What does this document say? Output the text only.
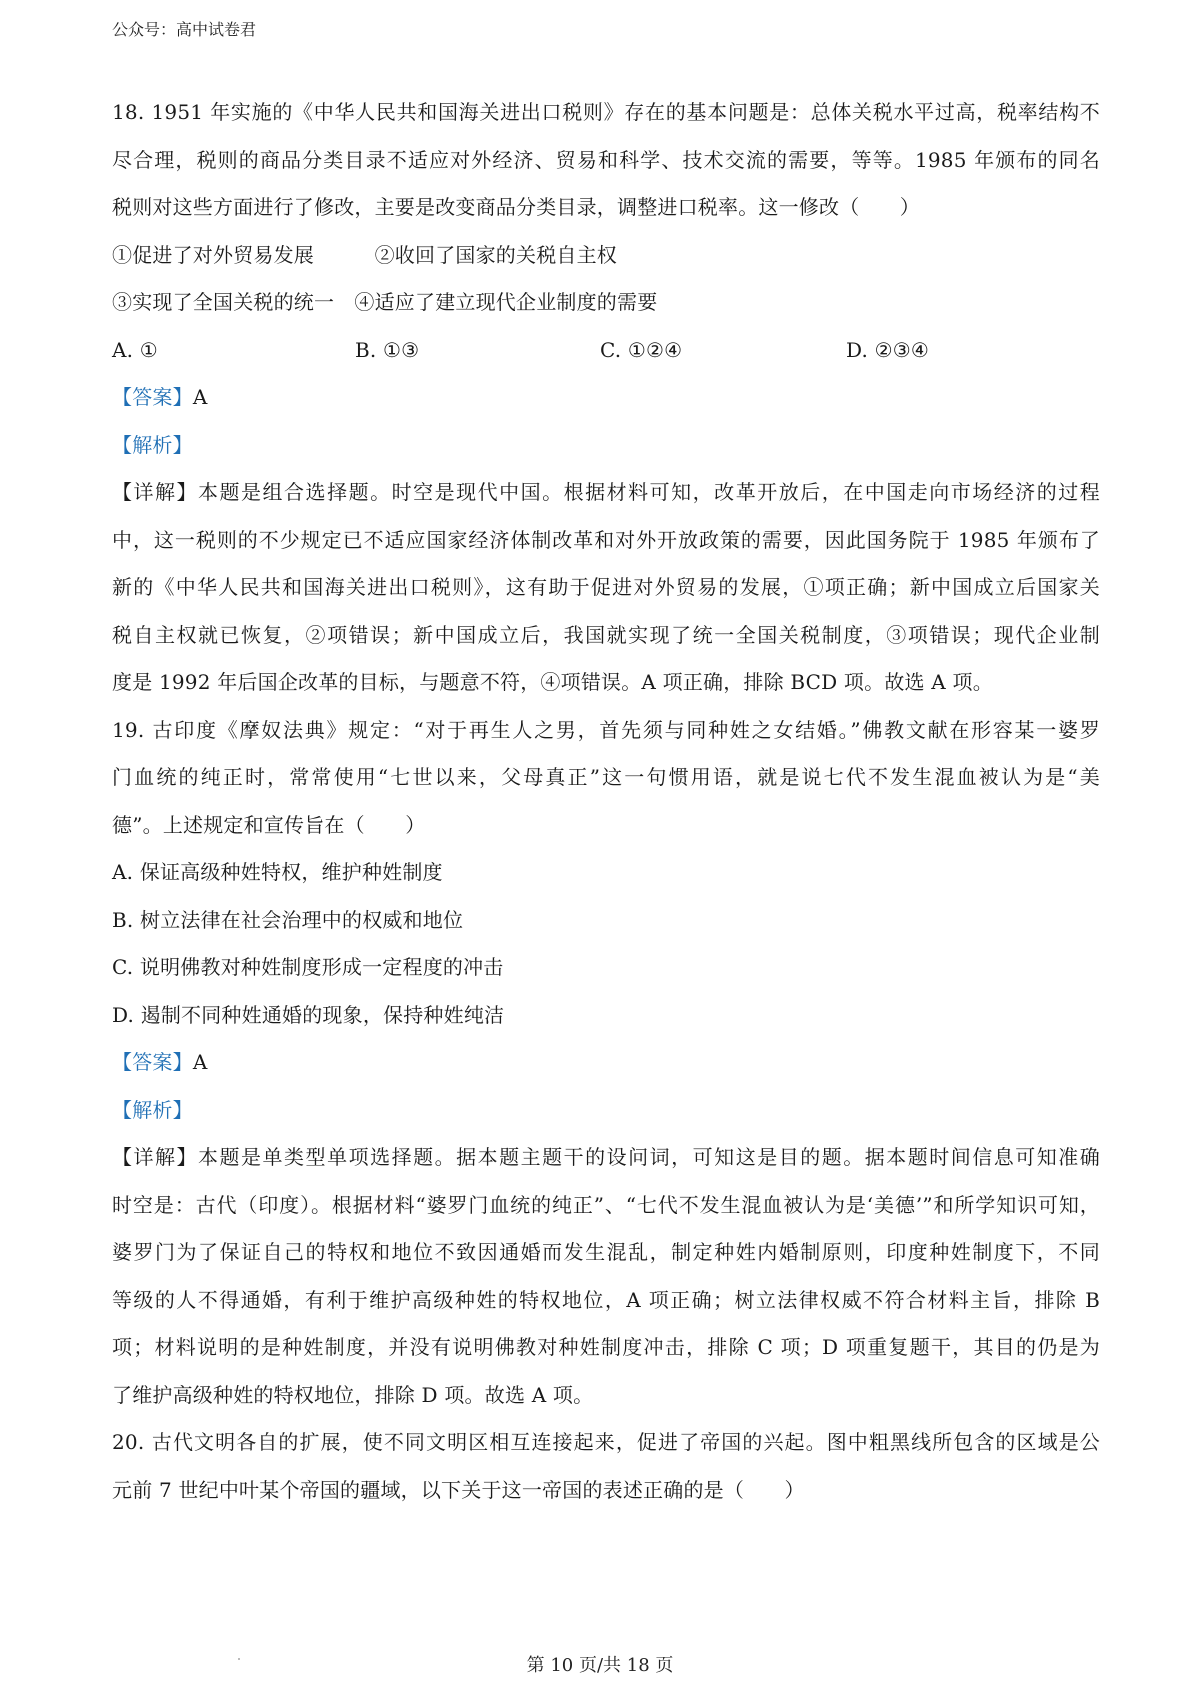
公众号：高中试卷君
18. 1951 年实施的《中华人民共和国海关进出口税则》存在的基本问题是：总体关税水平过高，税率结构不
尽合理，税则的商品分类目录不适应对外经济、贸易和科学、技术交流的需要，等等。1985 年颁布的同名
税则对这些方面进行了修改，主要是改变商品分类目录，调整进口税率。这一修改（　　）
①促进了对外贸易发展　　　②收回了国家的关税自主权
③实现了全国关税的统一　④适应了建立现代企业制度的需要
A. ①	B. ①③	C. ①②④	D. ②③④
【答案】A
【解析】
【详解】本题是组合选择题。时空是现代中国。根据材料可知，改革开放后，在中国走向市场经济的过程
中，这一税则的不少规定已不适应国家经济体制改革和对外开放政策的需要，因此国务院于 1985 年颁布了
新的《中华人民共和国海关进出口税则》，这有助于促进对外贸易的发展，①项正确；新中国成立后国家关
税自主权就已恢复，②项错误；新中国成立后，我国就实现了统一全国关税制度，③项错误；现代企业制
度是 1992 年后国企改革的目标，与题意不符，④项错误。A 项正确，排除 BCD 项。故选 A 项。
19. 古印度《摩奴法典》规定：“对于再生人之男，首先须与同种姓之女结婚。”佛教文献在形容某一婆罗
门血统的纯正时，常常使用“七世以来，父母真正”这一句惯用语，就是说七代不发生混血被认为是“美
德”。上述规定和宣传旨在（　　）
A. 保证高级种姓特权，维护种姓制度
B. 树立法律在社会治理中的权威和地位
C. 说明佛教对种姓制度形成一定程度的冲击
D. 遏制不同种姓通婚的现象，保持种姓纯洁
【答案】A
【解析】
【详解】本题是单类型单项选择题。据本题主题干的设问词，可知这是目的题。据本题时间信息可知准确
时空是：古代（印度）。根据材料“婆罗门血统的纯正”、“七代不发生混血被认为是‘美德’”和所学知识可知，
婆罗门为了保证自己的特权和地位不致因通婚而发生混乱，制定种姓内婚制原则，印度种姓制度下，不同
等级的人不得通婚，有利于维护高级种姓的特权地位，A 项正确；树立法律权威不符合材料主旨，排除 B
项；材料说明的是种姓制度，并没有说明佛教对种姓制度冲击，排除 C 项；D 项重复题干，其目的仍是为
了维护高级种姓的特权地位，排除 D 项。故选 A 项。
20. 古代文明各自的扩展，使不同文明区相互连接起来，促进了帝国的兴起。图中粗黑线所包含的区域是公
元前 7 世纪中叶某个帝国的疆域，以下关于这一帝国的表述正确的是（　　）
第 10 页/共 18 页
